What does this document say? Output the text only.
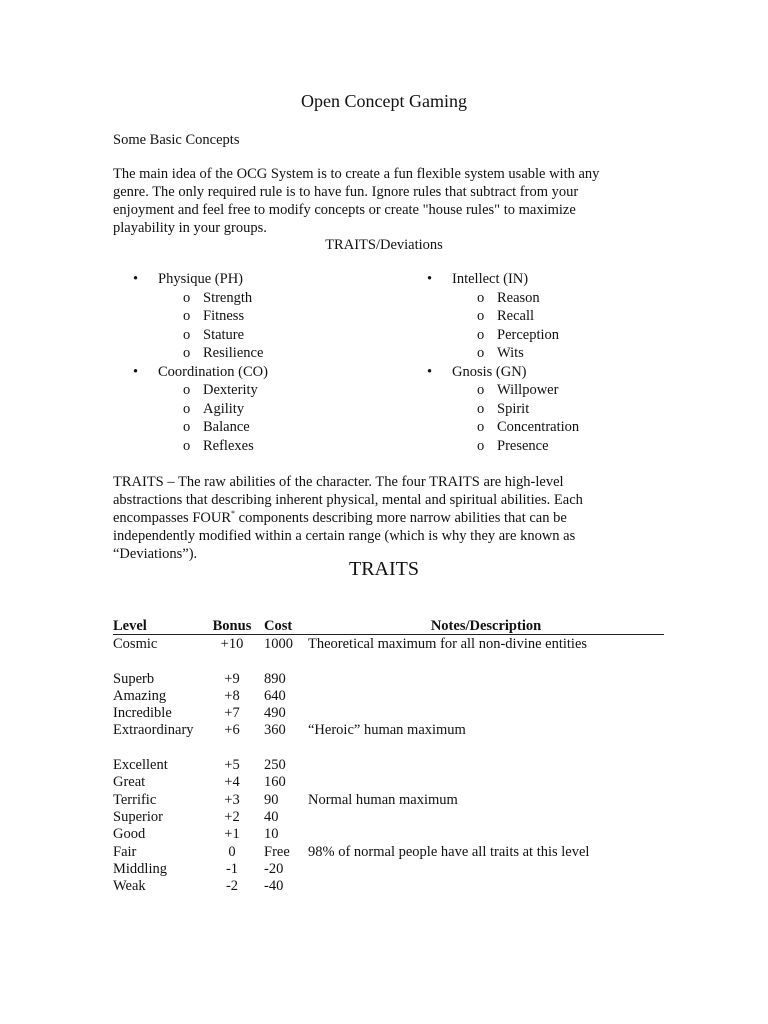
Open Concept Gaming
Some Basic Concepts
The main idea of the OCG System is to create a fun flexible system usable with any genre. The only required rule is to have fun. Ignore rules that subtract from your enjoyment and feel free to modify concepts or create "house rules" to maximize playability in your groups.
TRAITS/Deviations
• Physique (PH)
o Strength
o Fitness
o Stature
o Resilience
• Coordination (CO)
o Dexterity
o Agility
o Balance
o Reflexes
• Intellect (IN)
o Reason
o Recall
o Perception
o Wits
• Gnosis (GN)
o Willpower
o Spirit
o Concentration
o Presence
TRAITS – The raw abilities of the character. The four TRAITS are high-level abstractions that describing inherent physical, mental and spiritual abilities. Each encompasses FOUR* components describing more narrow abilities that can be independently modified within a certain range (which is why they are known as “Deviations”).
TRAITS
Level	Bonus Cost	Notes/Description
Cosmic	+10	1000 Theoretical maximum for all non-divine entities
Superb	+9	890
Amazing	+8	640
Incredible	+7	490
Extraordinary	+6	360	“Heroic” human maximum
Excellent	+5	250
Great	+4	160
Terrific	+3	90	Normal human maximum
Superior	+2	40
Good	+1	10
Fair	0	Free	98% of normal people have all traits at this level
Middling	-1	-20
Weak	-2	-40
